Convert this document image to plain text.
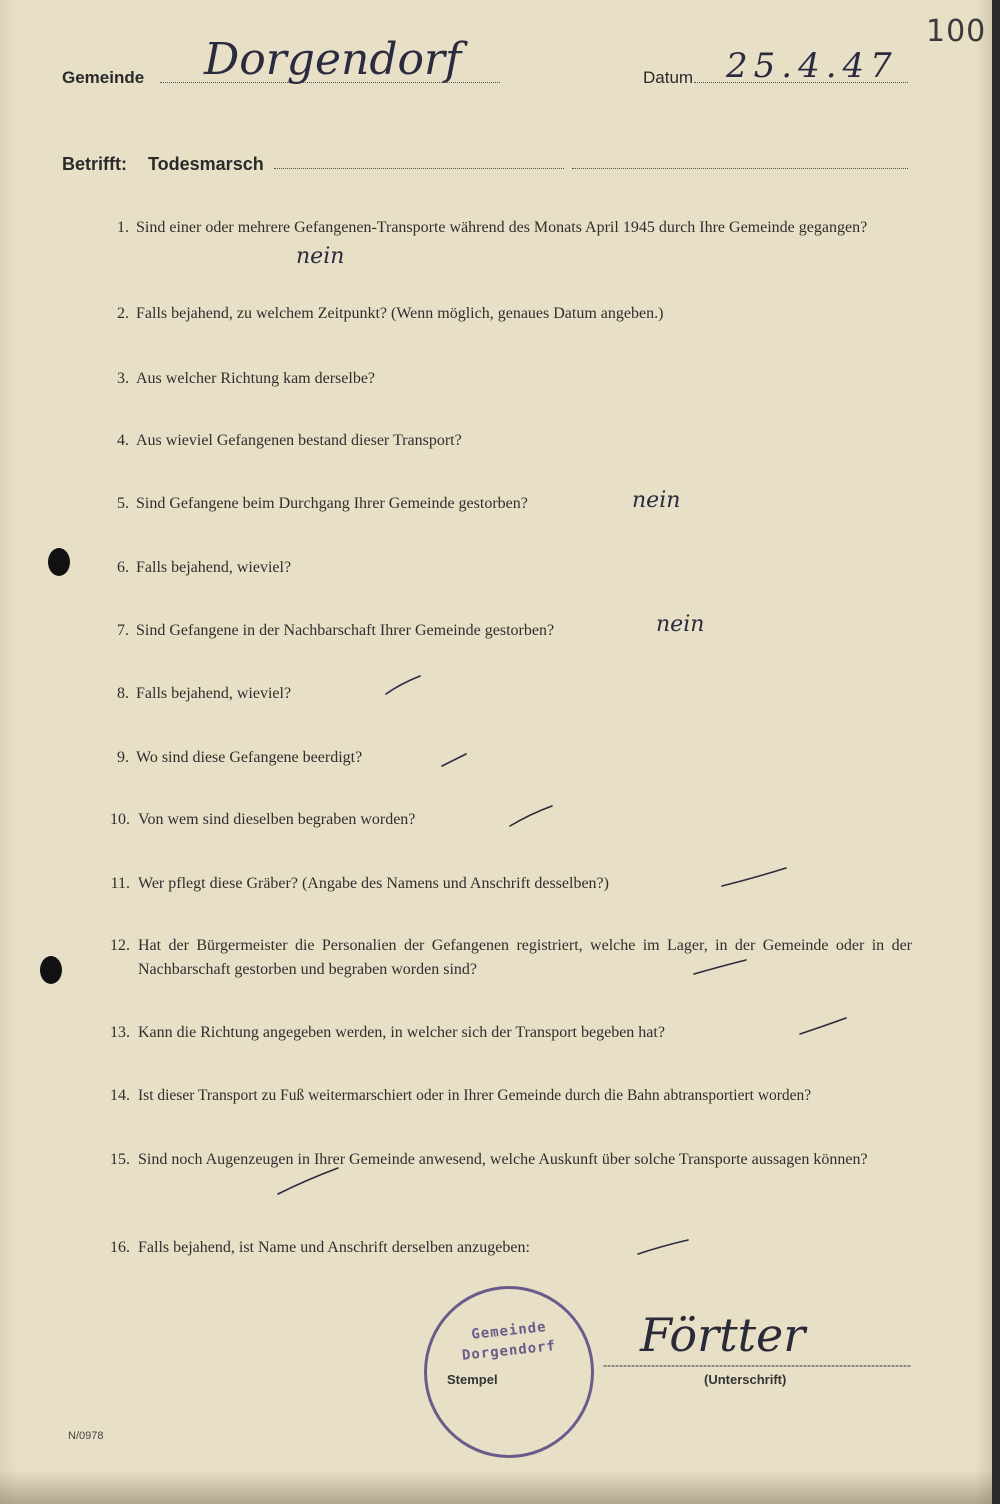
100
Gemeinde Dorgendorf	Datum 25.4.47
Betrifft: Todesmarsch
1. Sind einer oder mehrere Gefangenen-Transporte während des Monats April 1945 durch Ihre Gemeinde gegangen?
nein
2. Falls bejahend, zu welchem Zeitpunkt? (Wenn möglich, genaues Datum angeben.)
3. Aus welcher Richtung kam derselbe?
4. Aus wieviel Gefangenen bestand dieser Transport?
5. Sind Gefangene beim Durchgang Ihrer Gemeinde gestorben?	nein
6. Falls bejahend, wieviel?
7. Sind Gefangene in der Nachbarschaft Ihrer Gemeinde gestorben?	nein
8. Falls bejahend, wieviel?
9. Wo sind diese Gefangene beerdigt?
10. Von wem sind dieselben begraben worden?
11. Wer pflegt diese Gräber? (Angabe des Namens und Anschrift desselben?)
12. Hat der Bürgermeister die Personalien der Gefangenen registriert, welche im Lager, in der Gemeinde oder in der Nachbarschaft gestorben und begraben worden sind?
13. Kann die Richtung angegeben werden, in welcher sich der Transport begeben hat?
14. Ist dieser Transport zu Fuß weitermarschiert oder in Ihrer Gemeinde durch die Bahn abtransportiert worden?
15. Sind noch Augenzeugen in Ihrer Gemeinde anwesend, welche Auskunft über solche Transporte aussagen können?
16. Falls bejahend, ist Name und Anschrift derselben anzugeben:
Gemeinde
Dorgendorf
Stempel
Förtter
(Unterschrift)
N/0978
